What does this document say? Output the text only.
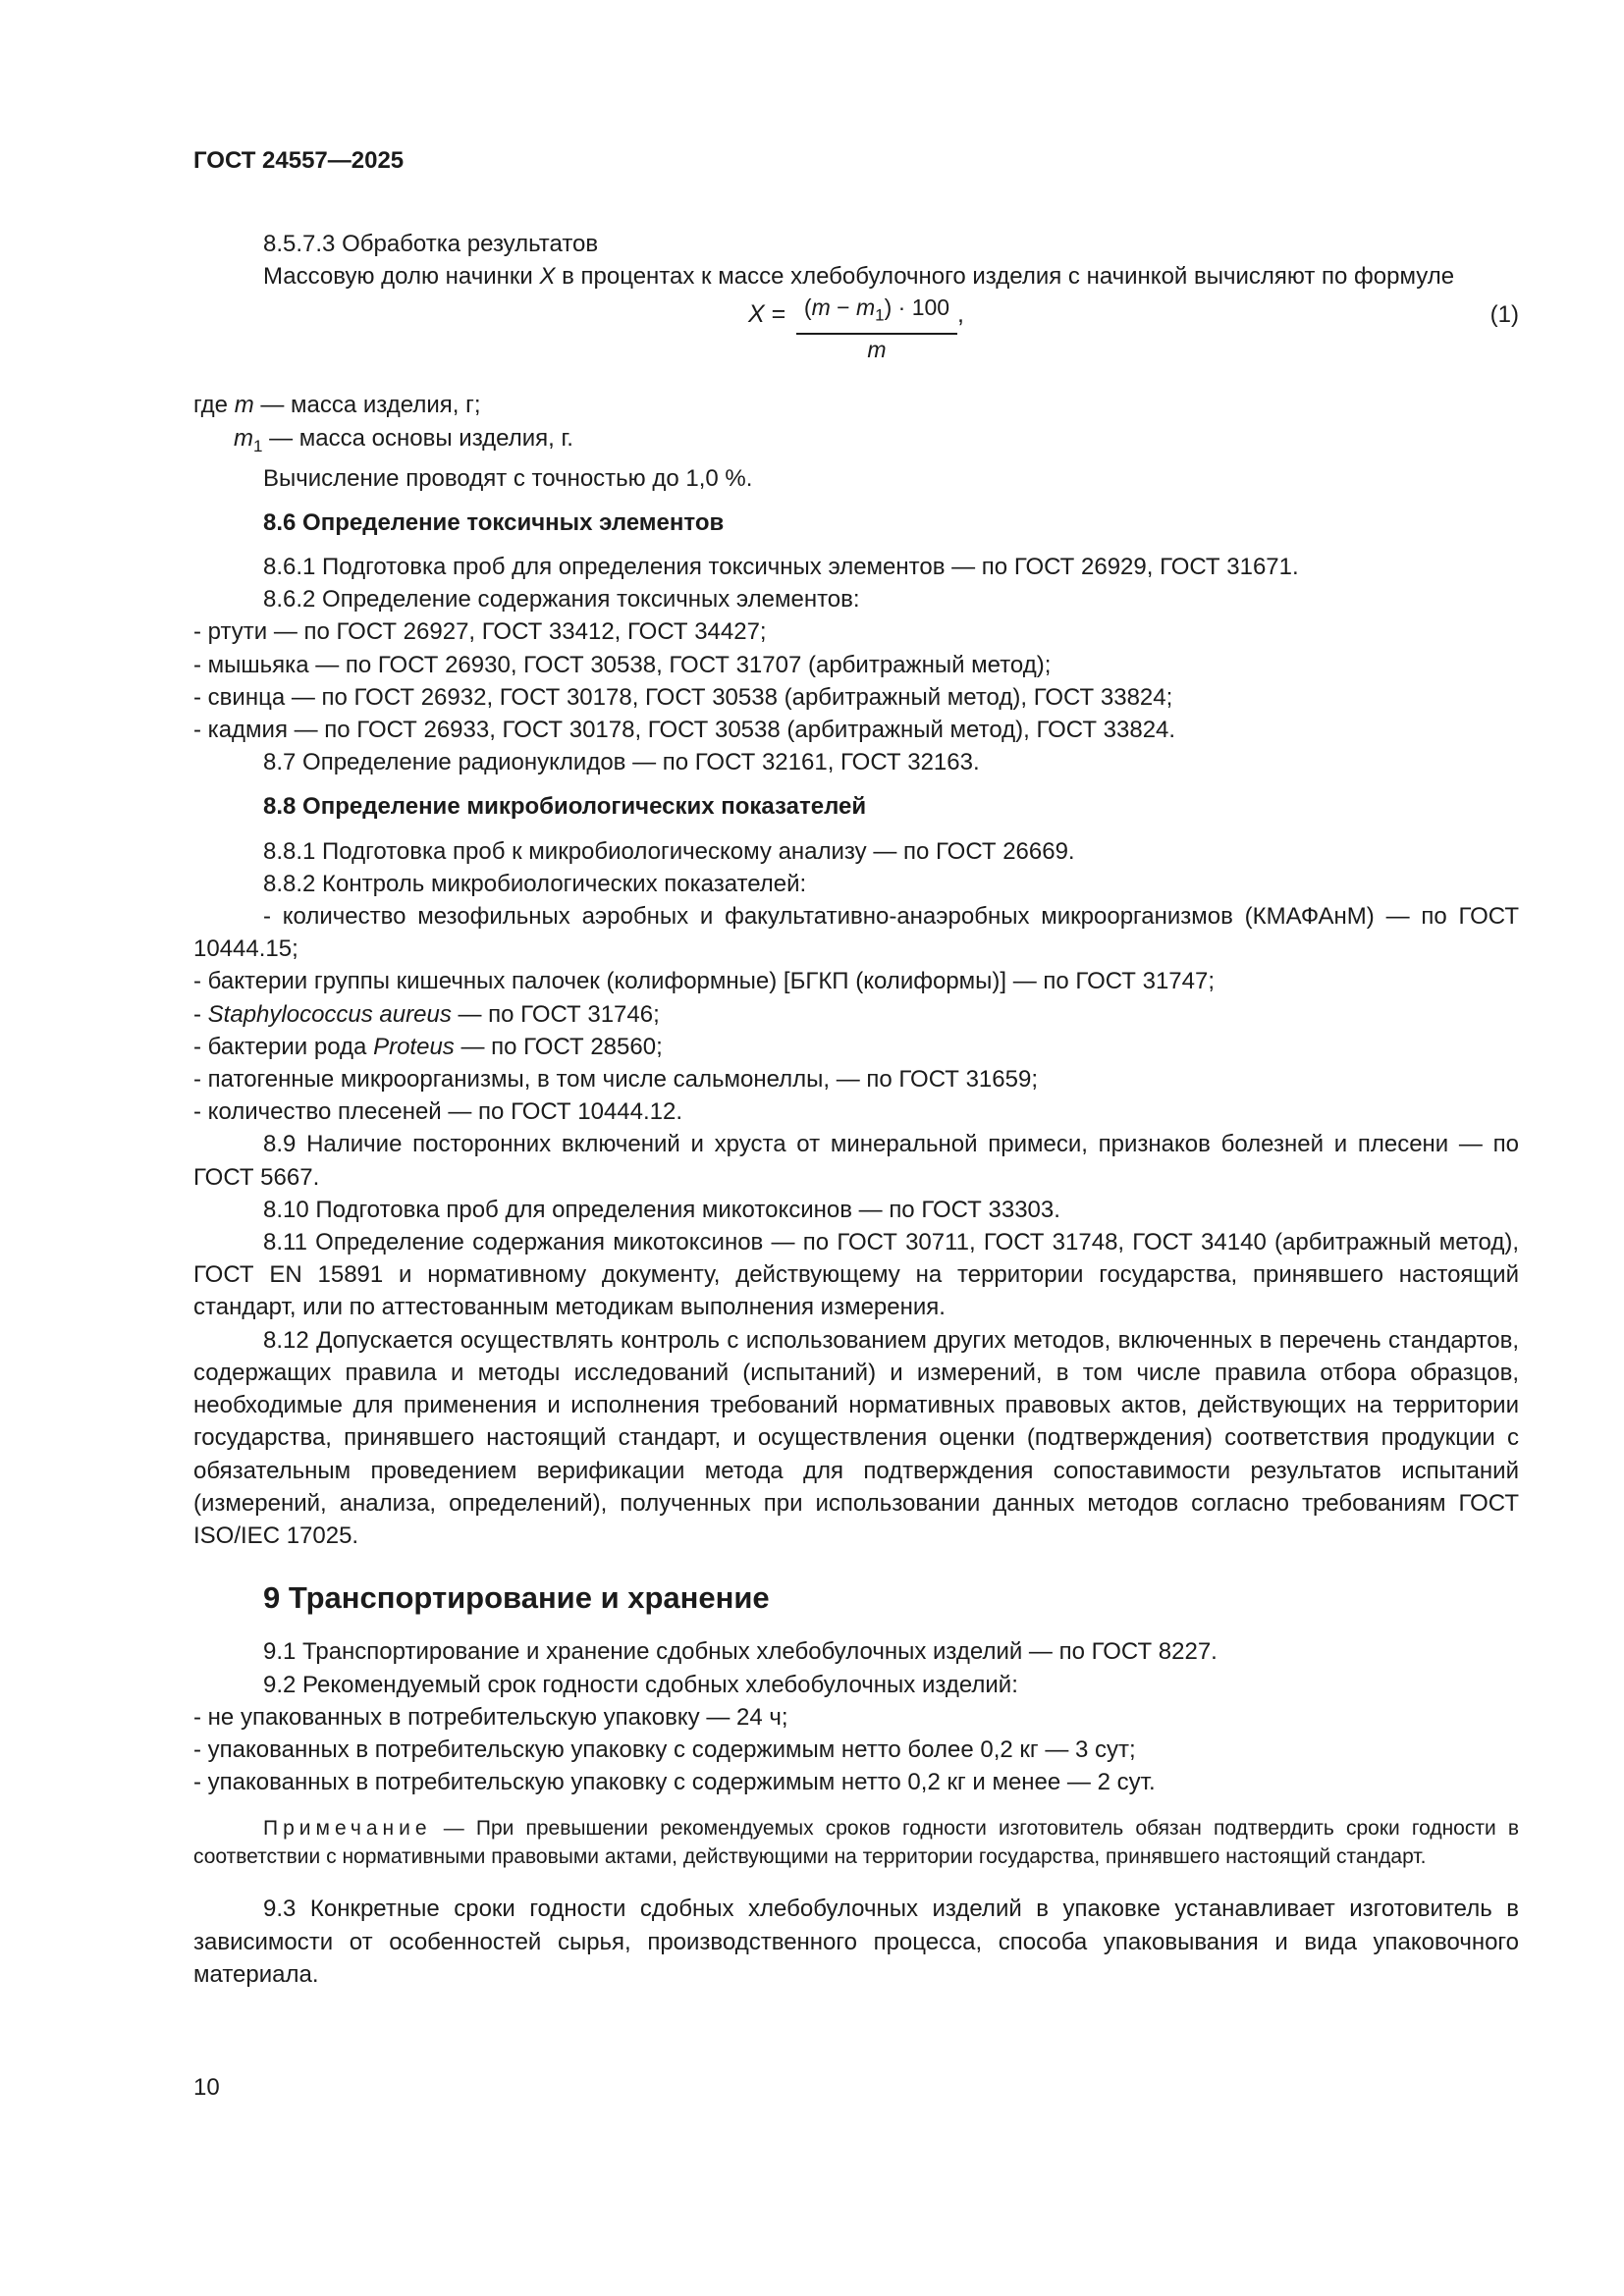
ГОСТ 24557—2025
8.5.7.3 Обработка результатов
Массовую долю начинки X в процентах к массе хлебобулочного изделия с начинкой вычисляют по формуле
$X = \frac{(m - m_1) \cdot 100}{m}$ ,	(1)
где m — масса изделия, г;
$m_1$ — масса основы изделия, г.
Вычисление проводят с точностью до 1,0 %.
8.6 Определение токсичных элементов
8.6.1 Подготовка проб для определения токсичных элементов — по ГОСТ 26929, ГОСТ 31671.
8.6.2 Определение содержания токсичных элементов:
- ртути — по ГОСТ 26927, ГОСТ 33412, ГОСТ 34427;
- мышьяка — по ГОСТ 26930, ГОСТ 30538, ГОСТ 31707 (арбитражный метод);
- свинца — по ГОСТ 26932, ГОСТ 30178, ГОСТ 30538 (арбитражный метод), ГОСТ 33824;
- кадмия — по ГОСТ 26933, ГОСТ 30178, ГОСТ 30538 (арбитражный метод), ГОСТ 33824.
8.7 Определение радионуклидов — по ГОСТ 32161, ГОСТ 32163.
8.8 Определение микробиологических показателей
8.8.1 Подготовка проб к микробиологическому анализу — по ГОСТ 26669.
8.8.2 Контроль микробиологических показателей:
- количество мезофильных аэробных и факультативно-анаэробных микроорганизмов (КМАФАнМ) — по ГОСТ 10444.15;
- бактерии группы кишечных палочек (колиформные) [БГКП (колиформы)] — по ГОСТ 31747;
- Staphylococcus aureus — по ГОСТ 31746;
- бактерии рода Proteus — по ГОСТ 28560;
- патогенные микроорганизмы, в том числе сальмонеллы, — по ГОСТ 31659;
- количество плесеней — по ГОСТ 10444.12.
8.9 Наличие посторонних включений и хруста от минеральной примеси, признаков болезней и плесени — по ГОСТ 5667.
8.10 Подготовка проб для определения микотоксинов — по ГОСТ 33303.
8.11 Определение содержания микотоксинов — по ГОСТ 30711, ГОСТ 31748, ГОСТ 34140 (арбитражный метод), ГОСТ EN 15891 и нормативному документу, действующему на территории государства, принявшего настоящий стандарт, или по аттестованным методикам выполнения измерения.
8.12 Допускается осуществлять контроль с использованием других методов, включенных в перечень стандартов, содержащих правила и методы исследований (испытаний) и измерений, в том числе правила отбора образцов, необходимые для применения и исполнения требований нормативных правовых актов, действующих на территории государства, принявшего настоящий стандарт, и осуществления оценки (подтверждения) соответствия продукции с обязательным проведением верификации метода для подтверждения сопоставимости результатов испытаний (измерений, анализа, определений), полученных при использовании данных методов согласно требованиям ГОСТ ISO/IEC 17025.
9 Транспортирование и хранение
9.1 Транспортирование и хранение сдобных хлебобулочных изделий — по ГОСТ 8227.
9.2 Рекомендуемый срок годности сдобных хлебобулочных изделий:
- не упакованных в потребительскую упаковку — 24 ч;
- упакованных в потребительскую упаковку с содержимым нетто более 0,2 кг — 3 сут;
- упакованных в потребительскую упаковку с содержимым нетто 0,2 кг и менее — 2 сут.
Примечание — При превышении рекомендуемых сроков годности изготовитель обязан подтвердить сроки годности в соответствии с нормативными правовыми актами, действующими на территории государства, принявшего настоящий стандарт.
9.3 Конкретные сроки годности сдобных хлебобулочных изделий в упаковке устанавливает изготовитель в зависимости от особенностей сырья, производственного процесса, способа упаковывания и вида упаковочного материала.
10
